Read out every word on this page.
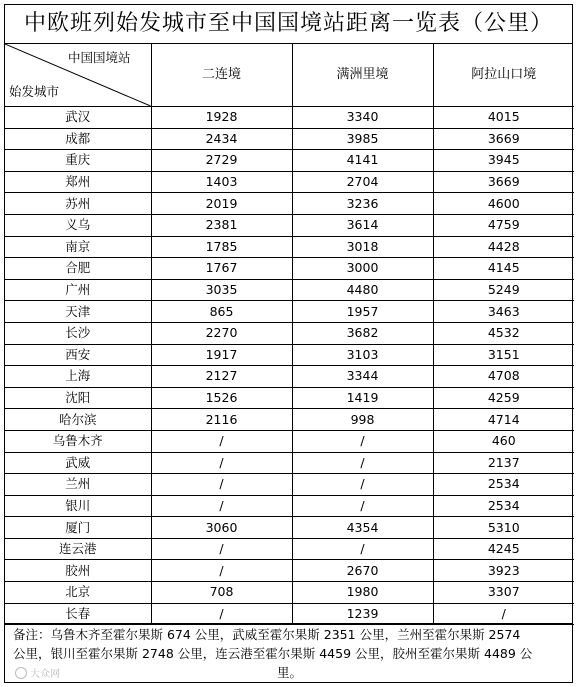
中欧班列始发城市至中国国境站距离一览表（公里）
中国国境站
始发城市	二连境	满洲里境	阿拉山口境
武汉	1928	3340	4015
成都	2434	3985	3669
重庆	2729	4141	3945
郑州	1403	2704	3669
苏州	2019	3236	4600
义乌	2381	3614	4759
南京	1785	3018	4428
合肥	1767	3000	4145
广州	3035	4480	5249
天津	865	1957	3463
长沙	2270	3682	4532
西安	1917	3103	3151
上海	2127	3344	4708
沈阳	1526	1419	4259
哈尔滨	2116	998	4714
乌鲁木齐	/	/	460
武威	/	/	2137
兰州	/	/	2534
银川	/	/	2534
厦门	3060	4354	5310
连云港	/	/	4245
胶州	/	2670	3923
北京	708	1980	3307
长春	/	1239	/
备注：乌鲁木齐至霍尔果斯 674 公里，武威至霍尔果斯 2351 公里，兰州至霍尔果斯 2574
公里，银川至霍尔果斯 2748 公里，连云港至霍尔果斯 4459 公里，胶州至霍尔果斯 4489 公
里。
大众网
